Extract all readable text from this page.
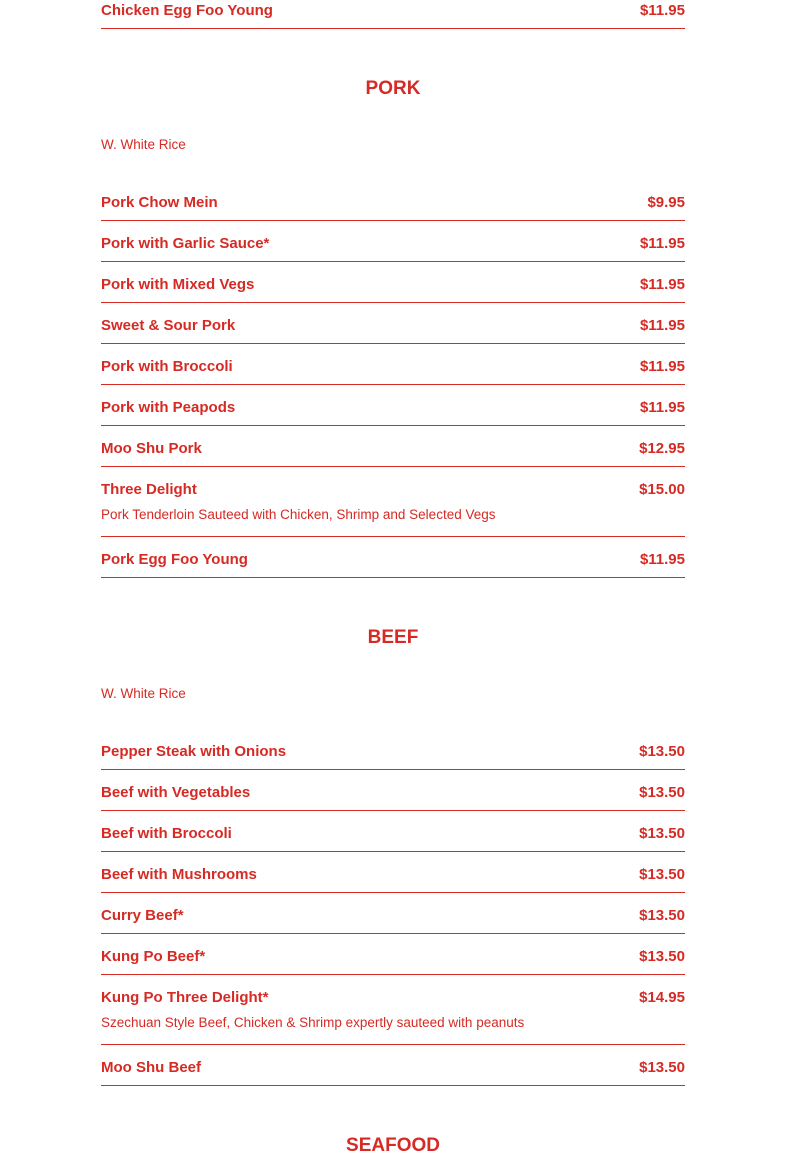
Chicken Egg Foo Young	$11.95
PORK
W. White Rice
Pork Chow Mein	$9.95
Pork with Garlic Sauce*	$11.95
Pork with Mixed Vegs	$11.95
Sweet & Sour Pork	$11.95
Pork with Broccoli	$11.95
Pork with Peapods	$11.95
Moo Shu Pork	$12.95
Three Delight	$15.00
Pork Tenderloin Sauteed with Chicken, Shrimp and Selected Vegs
Pork Egg Foo Young	$11.95
BEEF
W. White Rice
Pepper Steak with Onions	$13.50
Beef with Vegetables	$13.50
Beef with Broccoli	$13.50
Beef with Mushrooms	$13.50
Curry Beef*	$13.50
Kung Po Beef*	$13.50
Kung Po Three Delight*	$14.95
Szechuan Style Beef, Chicken & Shrimp expertly sauteed with peanuts
Moo Shu Beef	$13.50
SEAFOOD
